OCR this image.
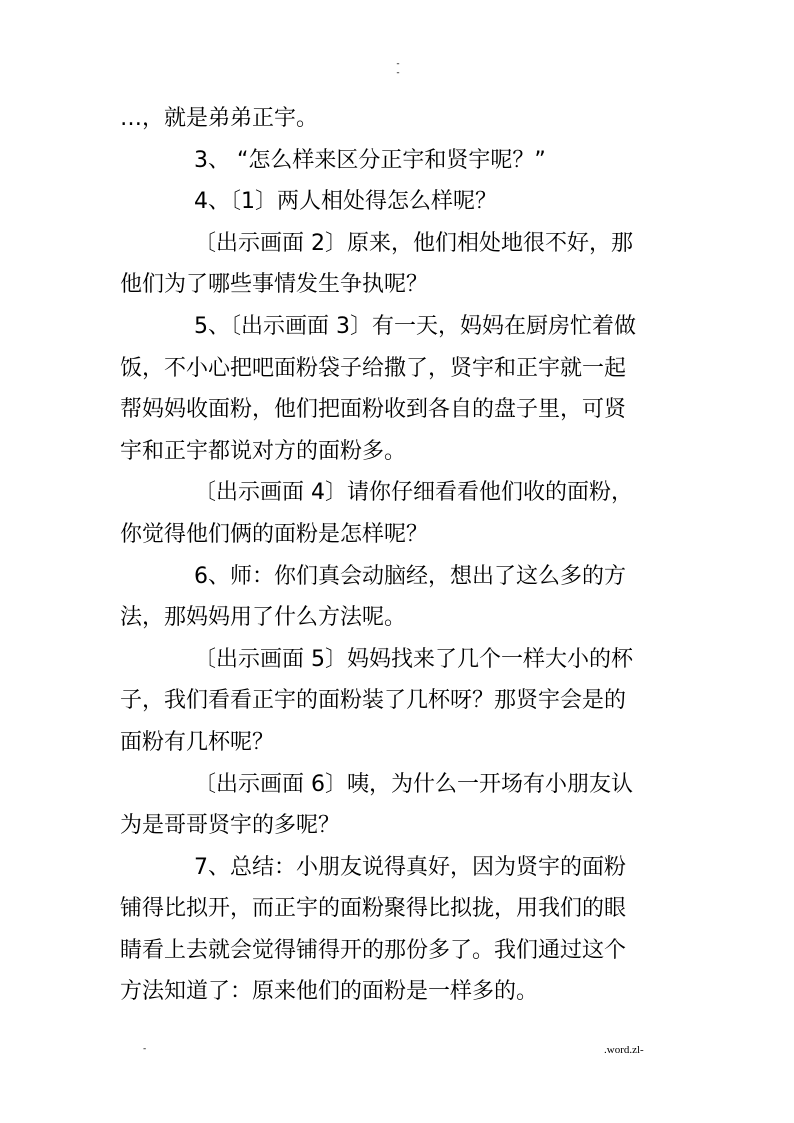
-
-
…，就是弟弟正宇。
3、 “怎么样来区分正宇和贤宇呢？”
4、〔1〕两人相处得怎么样呢？
〔出示画面 2〕原来，他们相处地很不好，那
他们为了哪些事情发生争执呢？
5、〔出示画面 3〕有一天，妈妈在厨房忙着做
饭，不小心把吧面粉袋子给撒了，贤宇和正宇就一起
帮妈妈收面粉，他们把面粉收到各自的盘子里，可贤
宇和正宇都说对方的面粉多。
〔出示画面 4〕请你仔细看看他们收的面粉，
你觉得他们俩的面粉是怎样呢？
6、师：你们真会动脑经，想出了这么多的方
法，那妈妈用了什么方法呢。
〔出示画面 5〕妈妈找来了几个一样大小的杯
子，我们看看正宇的面粉装了几杯呀？那贤宇会是的
面粉有几杯呢？
〔出示画面 6〕咦，为什么一开场有小朋友认
为是哥哥贤宇的多呢？
7、总结：小朋友说得真好，因为贤宇的面粉
铺得比拟开，而正宇的面粉聚得比拟拢，用我们的眼
睛看上去就会觉得铺得开的那份多了。我们通过这个
方法知道了：原来他们的面粉是一样多的。
-	.word.zl-
